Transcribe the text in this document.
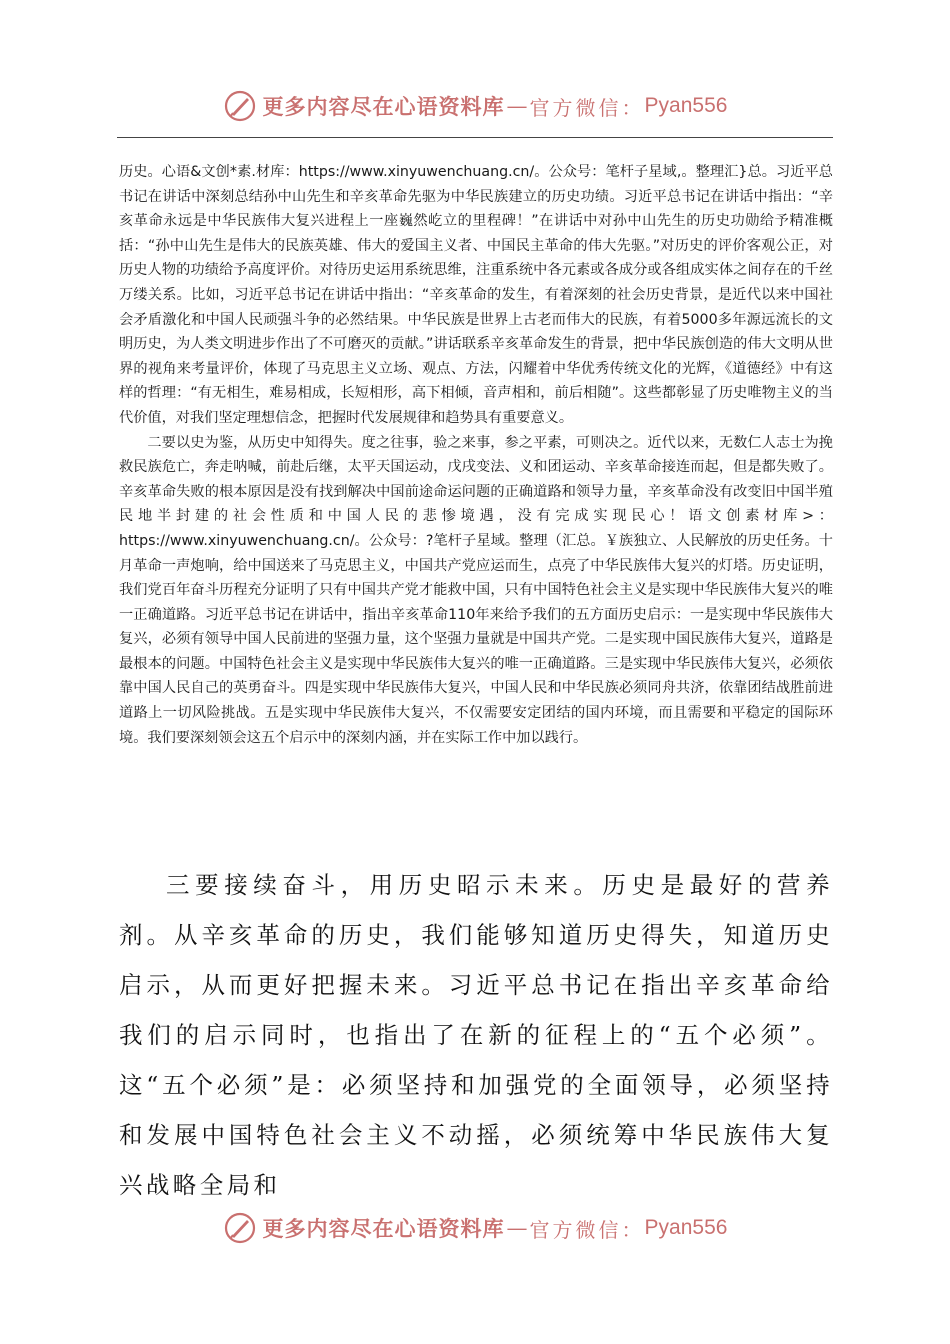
更多内容尽在心语资料库 — 官方微信： Pyan556

历史。心语&文创*素.材库：https://www.xinyuwenchuang.cn/。公众号：笔杆子星域,。整理汇}总。习近平总书记在讲话中深刻总结孙中山先生和辛亥革命先驱为中华民族建立的历史功绩。习近平总书记在讲话中指出：“辛亥革命永远是中华民族伟大复兴进程上一座巍然屹立的里程碑！”在讲话中对孙中山先生的历史功勋给予精准概括：“孙中山先生是伟大的民族英雄、伟大的爱国主义者、中国民主革命的伟大先驱。”对历史的评价客观公正，对历史人物的功绩给予高度评价。对待历史运用系统思维，注重系统中各元素或各成分或各组成实体之间存在的千丝万缕关系。比如，习近平总书记在讲话中指出：“辛亥革命的发生，有着深刻的社会历史背景，是近代以来中国社会矛盾激化和中国人民顽强斗争的必然结果。中华民族是世界上古老而伟大的民族，有着5000多年源远流长的文明历史，为人类文明进步作出了不可磨灭的贡献。”讲话联系辛亥革命发生的背景，把中华民族创造的伟大文明从世界的视角来考量评价，体现了马克思主义立场、观点、方法，闪耀着中华优秀传统文化的光辉，《道德经》中有这样的哲理：“有无相生，难易相成，长短相形，高下相倾，音声相和，前后相随”。这些都彰显了历史唯物主义的当代价值，对我们坚定理想信念，把握时代发展规律和趋势具有重要意义。

二要以史为鉴，从历史中知得失。度之往事，验之来事，参之平素，可则决之。近代以来，无数仁人志士为挽救民族危亡，奔走呐喊，前赴后继，太平天国运动，戊戌变法、义和团运动、辛亥革命接连而起，但是都失败了。辛亥革命失败的根本原因是没有找到解决中国前途命运问题的正确道路和领导力量，辛亥革命没有改变旧中国半殖民地半封建的社会性质和中国人民的悲惨境遇，没有完成实现民心！语文创素材库>：https://www.xinyuwenchuang.cn/。公众号：?笔杆子星域。整理（汇总。￥族独立、人民解放的历史任务。十月革命一声炮响，给中国送来了马克思主义，中国共产党应运而生，点亮了中华民族伟大复兴的灯塔。历史证明，我们党百年奋斗历程充分证明了只有中国共产党才能救中国，只有中国特色社会主义是实现中华民族伟大复兴的唯一正确道路。习近平总书记在讲话中，指出辛亥革命110年来给予我们的五方面历史启示：一是实现中华民族伟大复兴，必须有领导中国人民前进的坚强力量，这个坚强力量就是中国共产党。二是实现中国民族伟大复兴，道路是最根本的问题。中国特色社会主义是实现中华民族伟大复兴的唯一正确道路。三是实现中华民族伟大复兴，必须依靠中国人民自己的英勇奋斗。四是实现中华民族伟大复兴，中国人民和中华民族必须同舟共济，依靠团结战胜前进道路上一切风险挑战。五是实现中华民族伟大复兴，不仅需要安定团结的国内环境，而且需要和平稳定的国际环境。我们要深刻领会这五个启示中的深刻内涵，并在实际工作中加以践行。

三要接续奋斗，用历史昭示未来。历史是最好的营养剂。从辛亥革命的历史，我们能够知道历史得失，知道历史启示，从而更好把握未来。习近平总书记在指出辛亥革命给我们的启示同时，也指出了在新的征程上的“五个必须”。这“五个必须”是：必须坚持和加强党的全面领导，必须坚持和发展中国特色社会主义不动摇，必须统筹中华民族伟大复兴战略全局和

更多内容尽在心语资料库 — 官方微信： Pyan556
